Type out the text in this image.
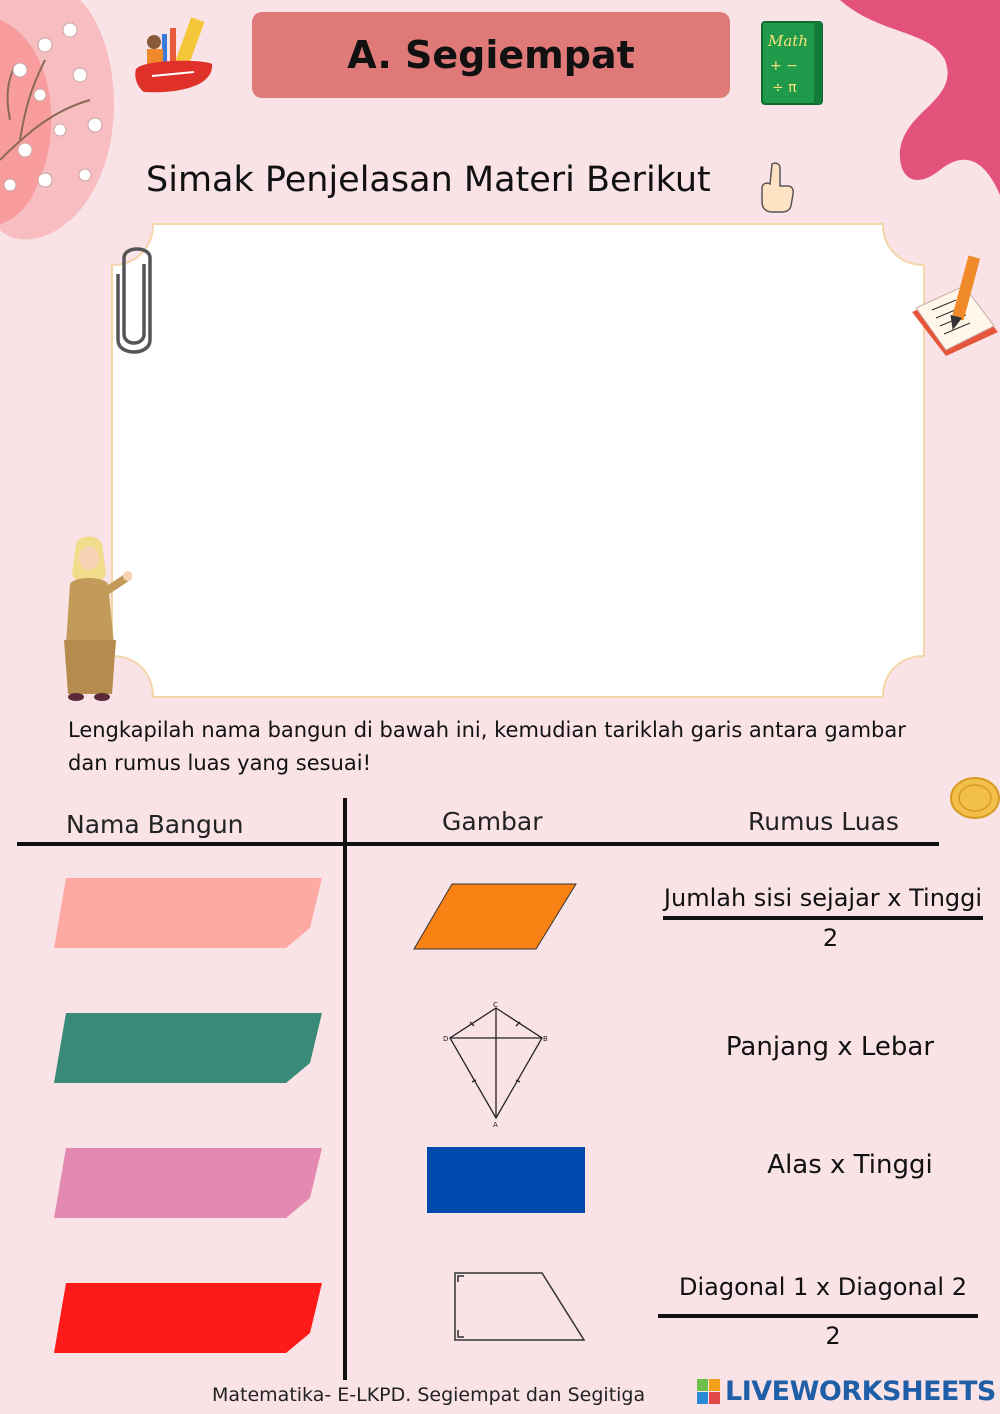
A. Segiempat	Math
+ −
÷ π
Simak Penjelasan Materi Berikut
Lengkapilah nama bangun di bawah ini, kemudian tariklah garis antara gambar dan rumus luas yang sesuai!
Nama Bangun	Gambar	Rumus Luas
C
D	B
A
Jumlah sisi sejajar x Tinggi
2
Panjang x Lebar
Alas x Tinggi
Diagonal 1 x Diagonal 2
2
Matematika- E-LKPD. Segiempat dan Segitiga	LIVEWORKSHEETS
